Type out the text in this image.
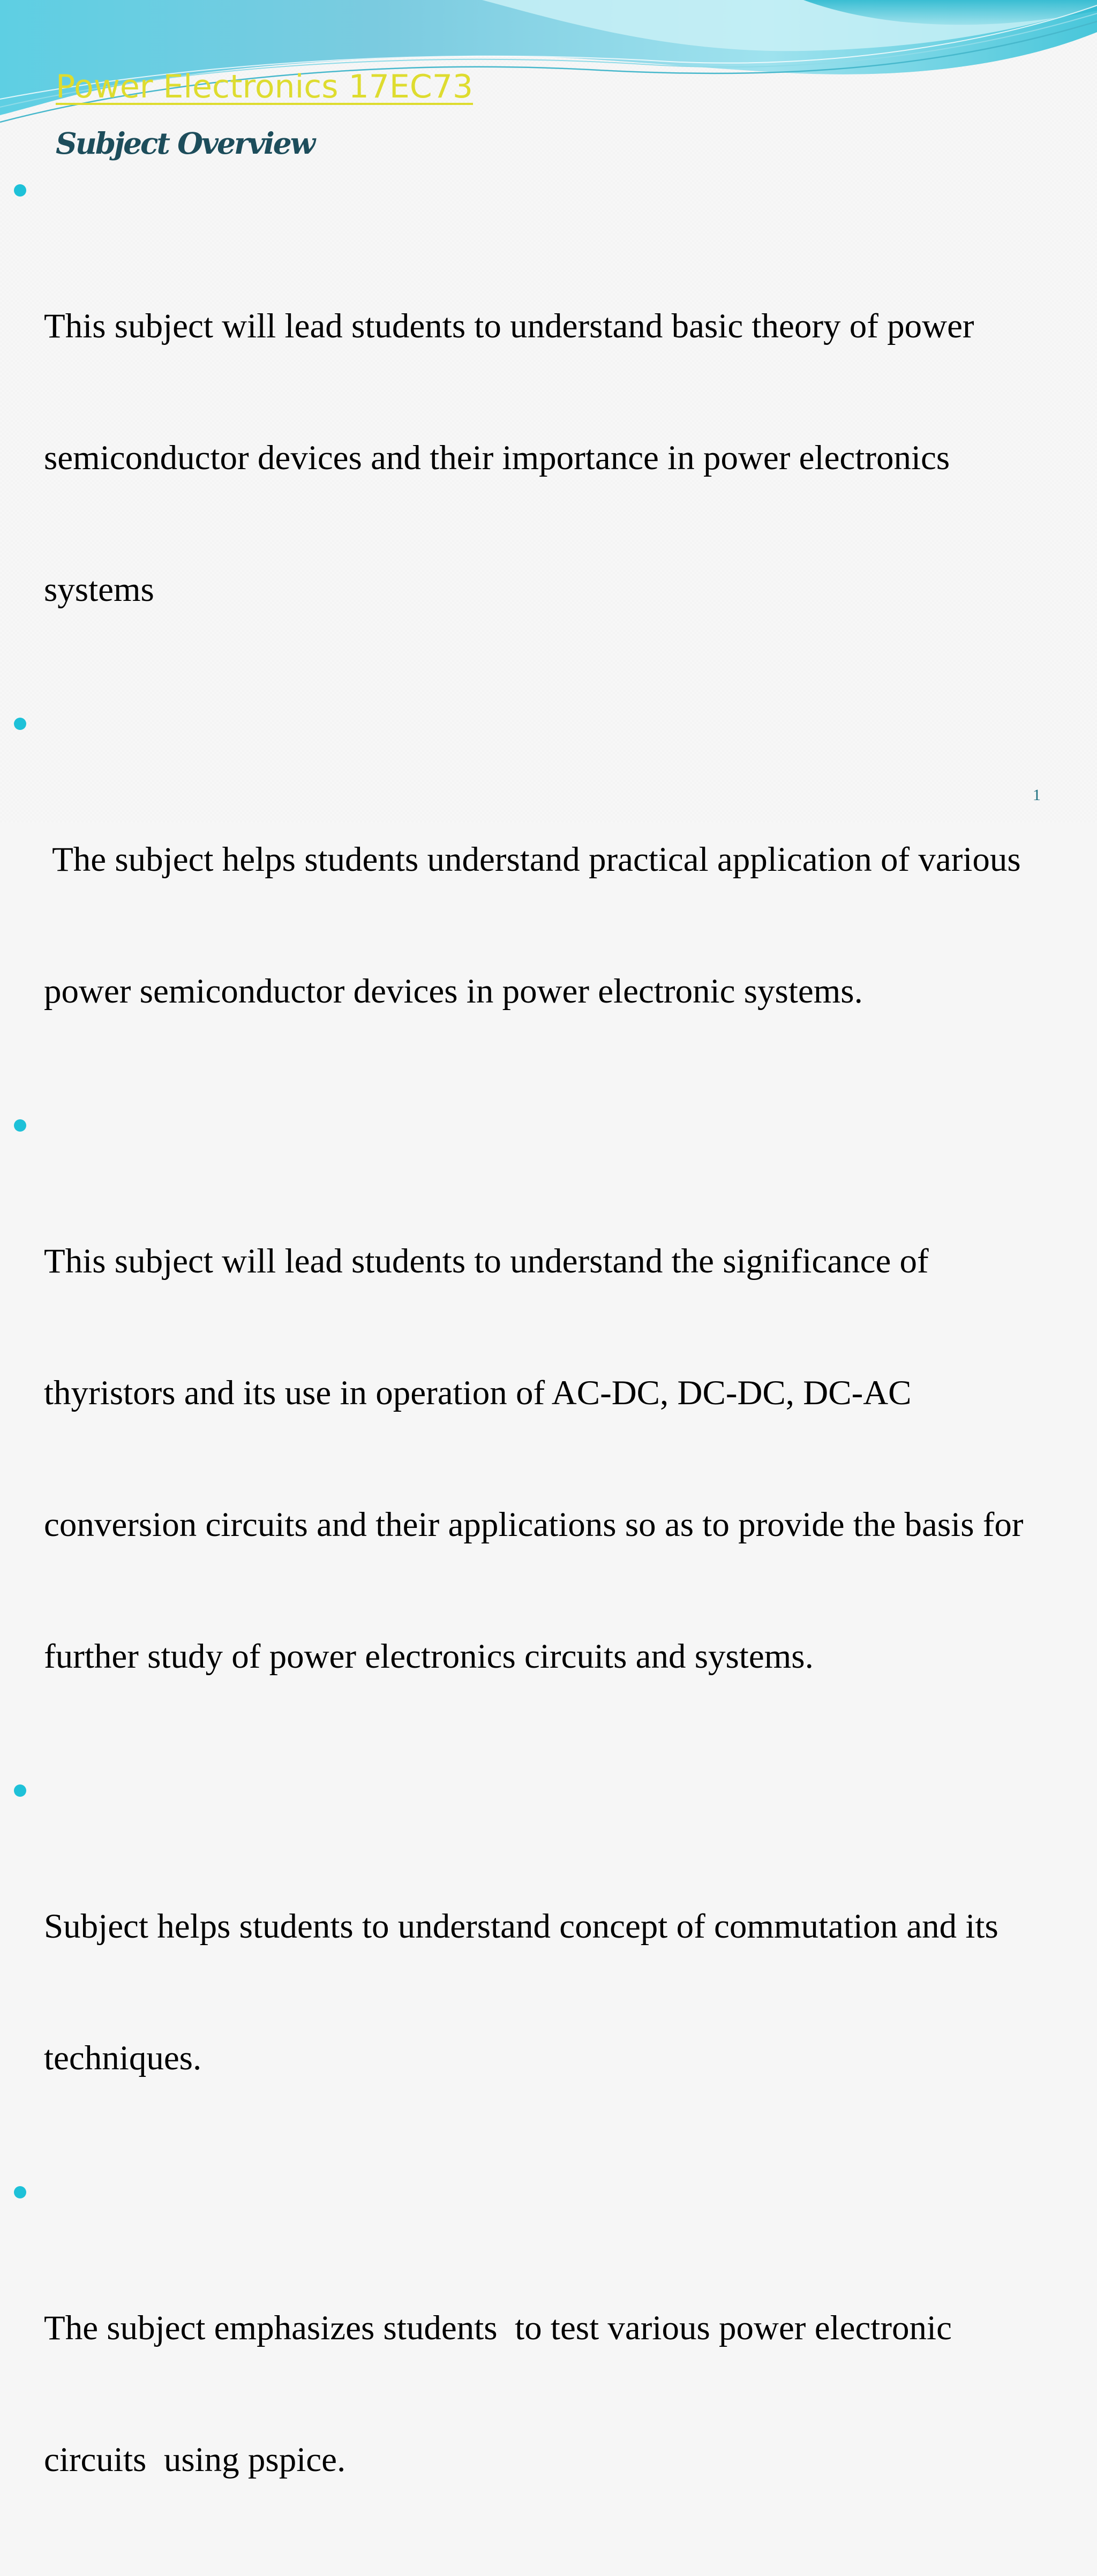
Power Electronics 17EC73
Subject Overview

This subject will lead students to understand basic theory of power

semiconductor devices and their importance in power electronics

systems

The subject helps students understand practical application of various

power semiconductor devices in power electronic systems.

This subject will lead students to understand the significance of

thyristors and its use in operation of AC-DC, DC-DC, DC-AC

conversion circuits and their applications so as to provide the basis for

further study of power electronics circuits and systems.

Subject helps students to understand concept of commutation and its

techniques.

The subject emphasizes students  to test various power electronic

circuits  using pspice.

1
